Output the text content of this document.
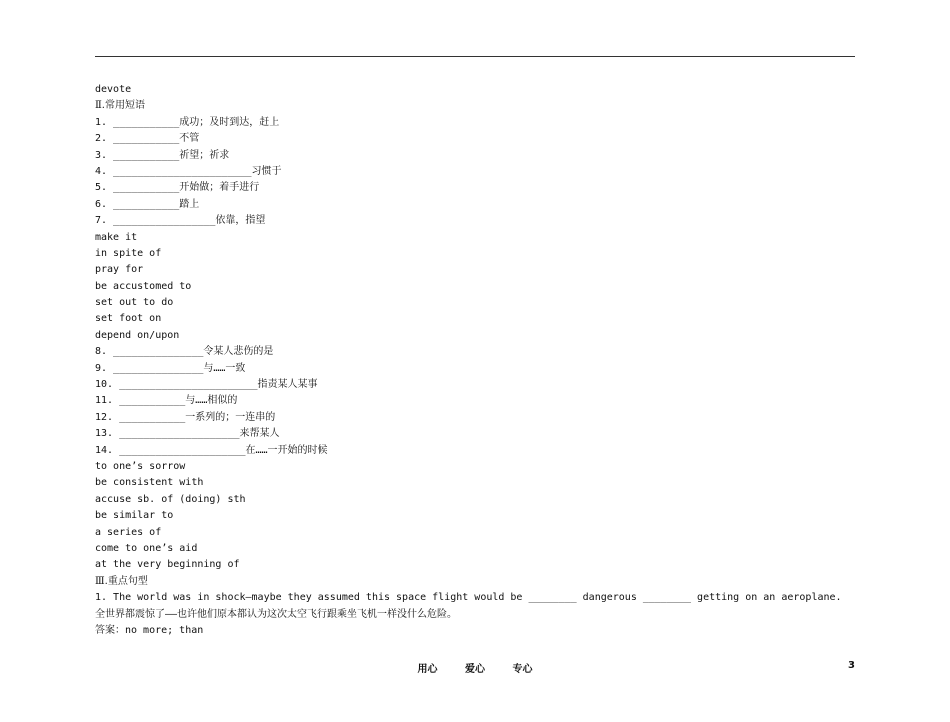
devote
Ⅱ.常用短语
1. ___________成功；及时到达，赶上
2. ___________不管
3. ___________祈望；祈求
4. _______________________习惯于
5. ___________开始做；着手进行
6. ___________踏上
7. _________________依靠，指望
make it
in spite of
pray for
be accustomed to
set out to do
set foot on
depend on/upon
8. _______________令某人悲伤的是
9. _______________与……一致
10. _______________________指责某人某事
11. ___________与……相似的
12. ___________一系列的；一连串的
13. ____________________来帮某人
14. _____________________在……一开始的时候
to one’s sorrow
be consistent with
accuse sb. of (doing) sth
be similar to
a series of
come to one’s aid
at the very beginning of
Ⅲ.重点句型
1. The world was in shock—maybe they assumed this space flight would be ________ dangerous ________ getting on an aeroplane.
全世界都震惊了——也许他们原本都认为这次太空飞行跟乘坐飞机一样没什么危险。
答案：no more; than
用心	爱心	专心	3
